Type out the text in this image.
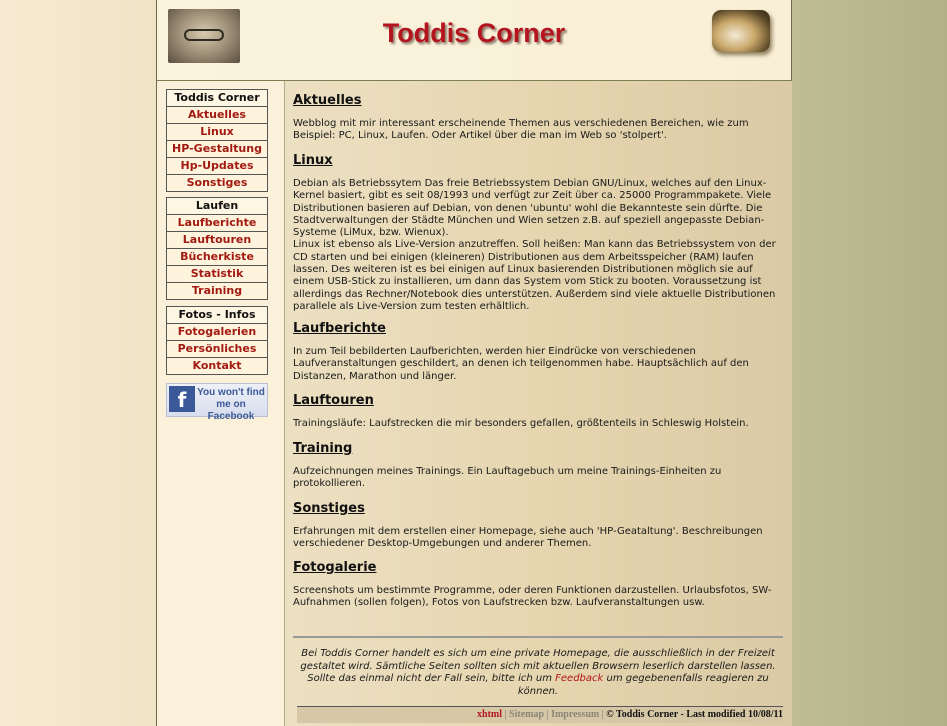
Toddis Corner
Toddis Corner
Aktuelles
Linux
HP-Gestaltung
Hp-Updates
Sonstiges
Laufen
Laufberichte
Lauftouren
Bücherkiste
Statistik
Training
Fotos - Infos
Fotogalerien
Persönliches
Kontakt
f	You won't find me on Facebook
Aktuelles

Webblog mit mir interessant erscheinende Themen aus verschiedenen Bereichen, wie zum Beispiel: PC, Linux, Laufen. Oder Artikel über die man im Web so 'stolpert'.

Linux

Debian als Betriebssytem Das freie Betriebssystem Debian GNU/Linux, welches auf den Linux-Kernel basiert, gibt es seit 08/1993 und verfügt zur Zeit über ca. 25000 Programmpakete. Viele Distributionen basieren auf Debian, von denen 'ubuntu' wohl die Bekannteste sein dürfte. Die Stadtverwaltungen der Städte München und Wien setzen z.B. auf speziell angepasste Debian-Systeme (LiMux, bzw. Wienux).

Linux ist ebenso als Live-Version anzutreffen. Soll heißen: Man kann das Betriebssystem von der CD starten und bei einigen (kleineren) Distributionen aus dem Arbeitsspeicher (RAM) laufen lassen. Des weiteren ist es bei einigen auf Linux basierenden Distributionen möglich sie auf einem USB-Stick zu installieren, um dann das System vom Stick zu booten. Voraussetzung ist allerdings das Rechner/Notebook dies unterstützen. Außerdem sind viele aktuelle Distributionen parallele als Live-Version zum testen erhältlich.

Laufberichte

In zum Teil bebilderten Laufberichten, werden hier Eindrücke von verschiedenen Laufveranstaltungen geschildert, an denen ich teilgenommen habe. Hauptsächlich auf den Distanzen, Marathon und länger.

Lauftouren

Trainingsläufe: Laufstrecken die mir besonders gefallen, größtenteils in Schleswig Holstein.

Training

Aufzeichnungen meines Trainings. Ein Lauftagebuch um meine Trainings-Einheiten zu protokollieren.

Sonstiges

Erfahrungen mit dem erstellen einer Homepage, siehe auch 'HP-Geataltung'. Beschreibungen verschiedener Desktop-Umgebungen und anderer Themen.

Fotogalerie

Screenshots um bestimmte Programme, oder deren Funktionen darzustellen. Urlaubsfotos, SW-Aufnahmen (sollen folgen), Fotos von Laufstrecken bzw. Laufveranstaltungen usw.

Bei Toddis Corner handelt es sich um eine private Homepage, die ausschließlich in der Freizeit gestaltet wird. Sämtliche Seiten sollten sich mit aktuellen Browsern leserlich darstellen lassen. Sollte das einmal nicht der Fall sein, bitte ich um Feedback um gegebenenfalls reagieren zu können.
xhtml | Sitemap | Impressum | © Toddis Corner - Last modified 10/08/11
